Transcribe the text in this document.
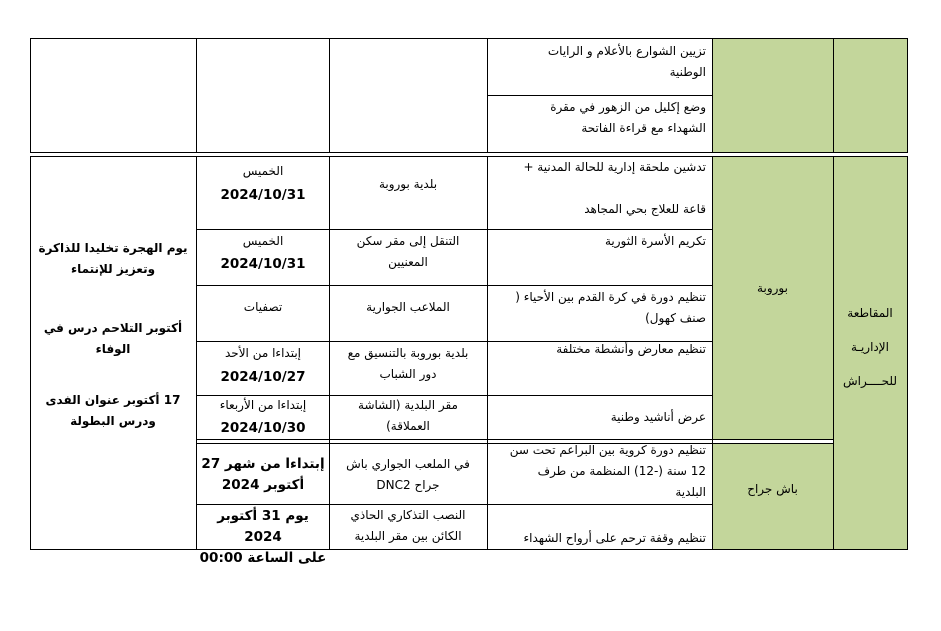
تزيين الشوارع بالأعلام و الرايات
الوطنية
وضع إكليل من الزهور في مقرة
الشهداء مع قراءة الفاتحة
المقاطعة
الإداريـة
للحــــراش
بوروبة
باش جراح
يوم الهجرة تخليدا للذاكرة
وتعزيز للإنتماء
أكتوبر التلاحم درس في
الوفاء
17 أكتوبر عنوان الفدى
ودرس البطولة
تدشين ملحقة إدارية للحالة المدنية +

قاعة للعلاج بحي المجاهد
بلدية بوروبة
الخميس
2024/10/31
تكريم الأسرة الثورية
التنقل إلى مقر سكن
المعنيين
الخميس
2024/10/31
تنظيم دورة في كرة القدم بين الأحياء (
صنف كهول)
الملاعب الجوارية
تصفيات
تنظيم معارض وأنشطة مختلفة
بلدية بوروبة بالتنسيق مع
دور الشباب
إبتداءا من الأحد
2024/10/27
عرض أناشيد وطنية
مقر البلدية (الشاشة
العملاقة)
إبتداءا من الأربعاء
2024/10/30
تنظيم دورة كروية بين البراعم تحت سن
12 سنة (-12) المنظمة من طرف
البلدية
في الملعب الجواري باش
جراح DNC2
إبتداءا من شهر 27
أكتوبر 2024
تنظيم وقفة ترحم على أرواح الشهداء
النصب التذكاري الحاذي
الكائن بين مقر البلدية
يوم 31 أكتوبر 2024
على الساعة 00:00
